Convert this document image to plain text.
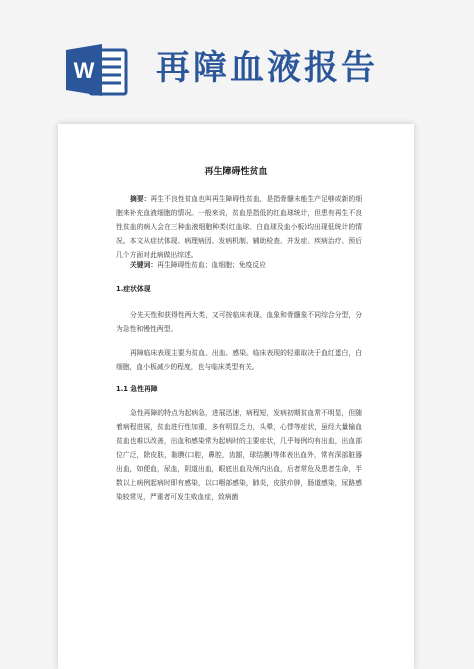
W 再障血液报告
再生障碍性贫血
摘要：再生不良性贫血也叫再生障碍性贫血，是指骨髓未能生产足够或新的细胞来补充血液细胞的情况。一般来说，贫血是指低的红血球统计，但患有再生不良性贫血的病人会在三种血液细胞种类(红血球、白血球及血小板)均出现低统计的情况。本文从症状体现、病理病因、发病机制、辅助检查、并发症、疾病治疗、预后几个方面对此病做出综述。
关键词：再生障碍性贫血；血细胞；免疫反应
1.症状体现
分先天性和获得性两大类，又可按临床表现、血象和骨髓象不同综合分型，分为急性和慢性两型。
再障临床表现主要为贫血、出血、感染。临床表现的轻重取决于血红蛋白，白细胞，血小板减少的程度，也与临床类型有关。
1.1 急性再障
急性再障的特点为起病急，进展迅速，病程短，发病初期贫血常不明显，但随着病程进展，贫血进行性加重，多有明显乏力，头晕，心悸等症状，虽经大量输血贫血也难以改善，出血和感染常为起病时的主要症状，几乎每例均有出血，出血部位广泛，除皮肤，黏膜(口腔，鼻腔，齿龈，球结膜)等体表出血外，常有深部脏器出血，如便血，尿血，阴道出血，眼底出血及颅内出血，后者常危及患者生命，半数以上病例起病时即有感染，以口咽部感染，肺炎，皮肤疖肿，肠道感染，尿路感染较常见，严重者可发生败血症，致病菌
